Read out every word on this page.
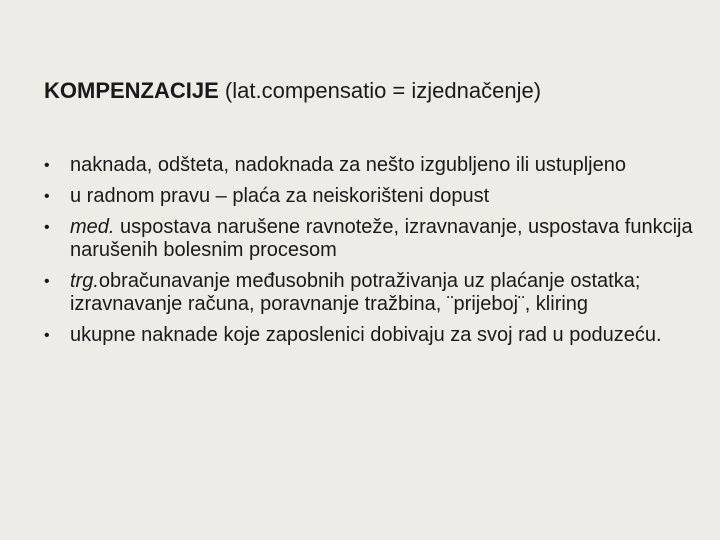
KOMPENZACIJE (lat.compensatio = izjednačenje)
• naknada, odšteta, nadoknada za nešto izgubljeno ili ustupljeno
• u radnom pravu – plaća za neiskorišteni dopust
• med. uspostava narušene ravnoteže, izravnavanje, uspostava funkcija narušenih bolesnim procesom
• trg.obračunavanje međusobnih potraživanja uz plaćanje ostatka; izravnavanje računa, poravnanje tražbina, ¨prijeboj¨, kliring
• ukupne naknade koje zaposlenici dobivaju za svoj rad u poduzeću.
